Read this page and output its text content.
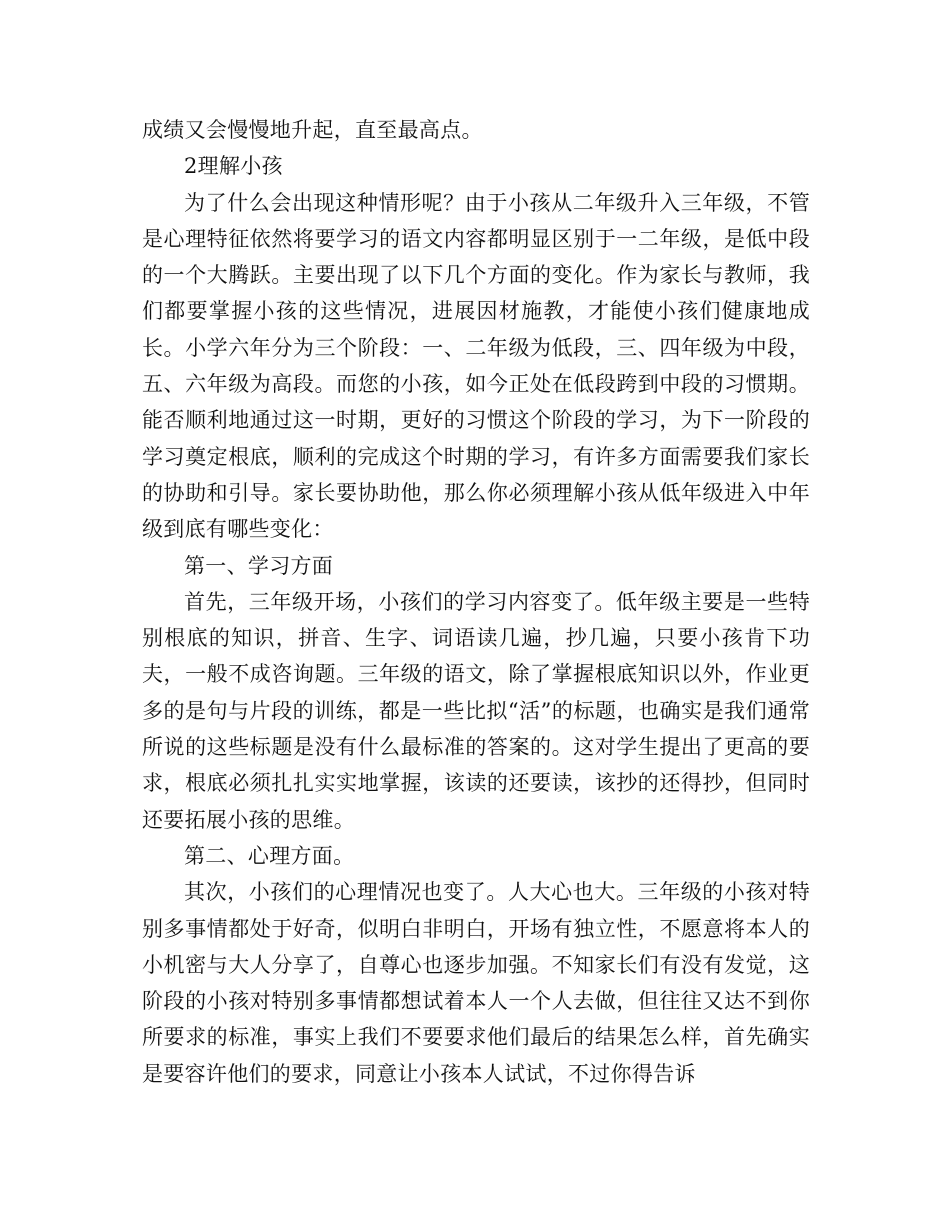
成绩又会慢慢地升起，直至最高点。

2理解小孩

为了什么会出现这种情形呢？由于小孩从二年级升入三年级，不管是心理特征依然将要学习的语文内容都明显区别于一二年级，是低中段的一个大腾跃。主要出现了以下几个方面的变化。作为家长与教师，我们都要掌握小孩的这些情况，进展因材施教，才能使小孩们健康地成长。小学六年分为三个阶段：一、二年级为低段，三、四年级为中段，五、六年级为高段。而您的小孩，如今正处在低段跨到中段的习惯期。能否顺利地通过这一时期，更好的习惯这个阶段的学习，为下一阶段的学习奠定根底，顺利的完成这个时期的学习，有许多方面需要我们家长的协助和引导。家长要协助他，那么你必须理解小孩从低年级进入中年级到底有哪些变化：

第一、学习方面

首先，三年级开场，小孩们的学习内容变了。低年级主要是一些特别根底的知识，拼音、生字、词语读几遍，抄几遍，只要小孩肯下功夫，一般不成咨询题。三年级的语文，除了掌握根底知识以外，作业更多的是句与片段的训练，都是一些比拟“活”的标题，也确实是我们通常所说的这些标题是没有什么最标准的答案的。这对学生提出了更高的要求，根底必须扎扎实实地掌握，该读的还要读，该抄的还得抄，但同时还要拓展小孩的思维。

第二、心理方面。

其次，小孩们的心理情况也变了。人大心也大。三年级的小孩对特别多事情都处于好奇，似明白非明白，开场有独立性，不愿意将本人的小机密与大人分享了，自尊心也逐步加强。不知家长们有没有发觉，这阶段的小孩对特别多事情都想试着本人一个人去做，但往往又达不到你所要求的标准，事实上我们不要要求他们最后的结果怎么样，首先确实是要容许他们的要求，同意让小孩本人试试，不过你得告诉
